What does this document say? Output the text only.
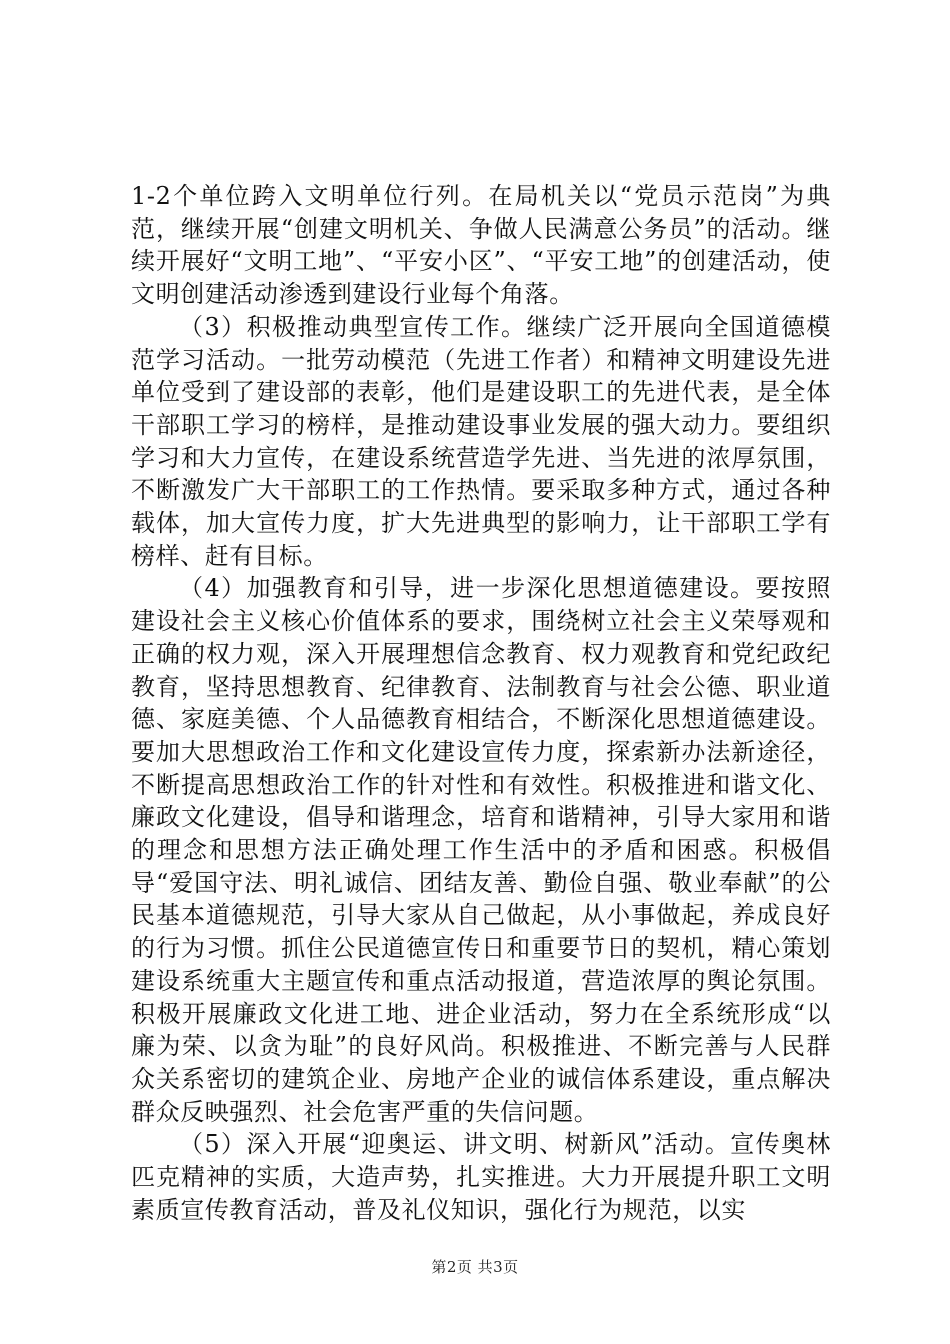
1-2个单位跨入文明单位行列。在局机关以“党员示范岗”为典范，继续开展“创建文明机关、争做人民满意公务员”的活动。继续开展好“文明工地”、“平安小区”、“平安工地”的创建活动，使文明创建活动渗透到建设行业每个角落。

（3）积极推动典型宣传工作。继续广泛开展向全国道德模范学习活动。一批劳动模范（先进工作者）和精神文明建设先进单位受到了建设部的表彰，他们是建设职工的先进代表，是全体干部职工学习的榜样，是推动建设事业发展的强大动力。要组织学习和大力宣传，在建设系统营造学先进、当先进的浓厚氛围，不断激发广大干部职工的工作热情。要采取多种方式，通过各种载体，加大宣传力度，扩大先进典型的影响力，让干部职工学有榜样、赶有目标。

（4）加强教育和引导，进一步深化思想道德建设。要按照建设社会主义核心价值体系的要求，围绕树立社会主义荣辱观和正确的权力观，深入开展理想信念教育、权力观教育和党纪政纪教育，坚持思想教育、纪律教育、法制教育与社会公德、职业道德、家庭美德、个人品德教育相结合，不断深化思想道德建设。要加大思想政治工作和文化建设宣传力度，探索新办法新途径，不断提高思想政治工作的针对性和有效性。积极推进和谐文化、廉政文化建设，倡导和谐理念，培育和谐精神，引导大家用和谐的理念和思想方法正确处理工作生活中的矛盾和困惑。积极倡导“爱国守法、明礼诚信、团结友善、勤俭自强、敬业奉献”的公民基本道德规范，引导大家从自己做起，从小事做起，养成良好的行为习惯。抓住公民道德宣传日和重要节日的契机，精心策划建设系统重大主题宣传和重点活动报道，营造浓厚的舆论氛围。积极开展廉政文化进工地、进企业活动，努力在全系统形成“以廉为荣、以贪为耻”的良好风尚。积极推进、不断完善与人民群众关系密切的建筑企业、房地产企业的诚信体系建设，重点解决群众反映强烈、社会危害严重的失信问题。

（5）深入开展“迎奥运、讲文明、树新风”活动。宣传奥林匹克精神的实质，大造声势，扎实推进。大力开展提升职工文明素质宣传教育活动，普及礼仪知识，强化行为规范，以实

第2页 共3页
